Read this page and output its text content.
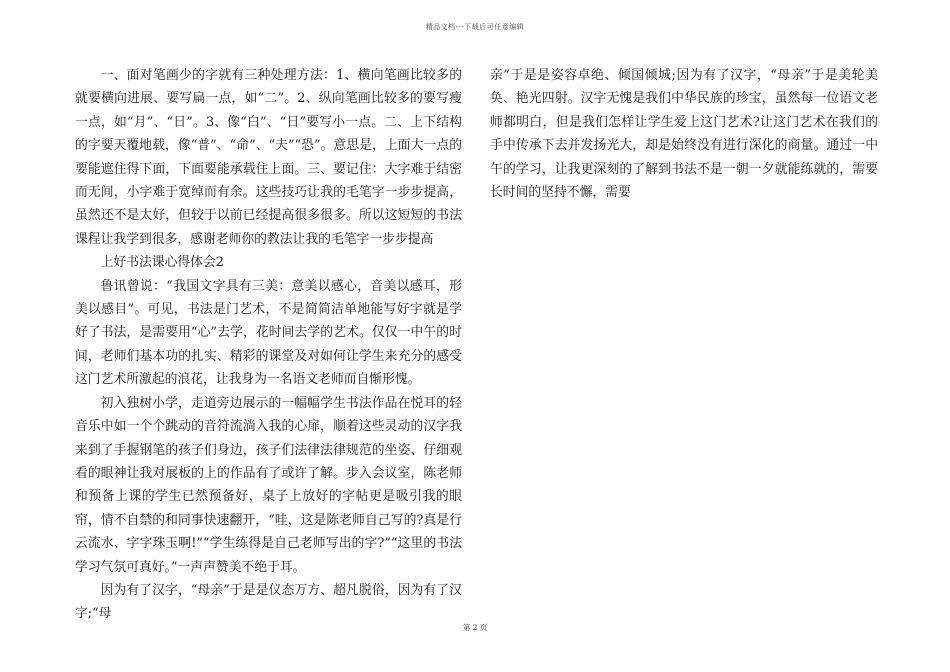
精品文档---下载后可任意编辑

一、面对笔画少的字就有三种处理方法：1、横向笔画比较多的就要横向进展、要写扁一点，如“二”。2、纵向笔画比较多的要写瘦一点，如“月”、“日”。3、像“白”、“日”要写小一点。二、上下结构的字要天覆地载，像“普”、“命”、“夫”“恐”。意思是，上面大一点的要能遮住得下面，下面要能承载住上面。三、要记住：大字难于结密而无间，小字难于宽绰而有余。这些技巧让我的毛笔字一步步提高，虽然还不是太好，但较于以前已经提高很多很多。所以这短短的书法课程让我学到很多，感谢老师你的教法让我的毛笔字一步步提高

上好书法课心得体会2

鲁讯曾说：“我国文字具有三美：意美以感心，音美以感耳，形美以感目”。可见，书法是门艺术，不是简简洁单地能写好字就是学好了书法，是需要用“心”去学，花时间去学的艺术。仅仅一中午的时间，老师们基本功的扎实、精彩的课堂及对如何让学生来充分的感受这门艺术所激起的浪花，让我身为一名语文老师而自惭形愧。

初入独树小学，走道旁边展示的一幅幅学生书法作品在悦耳的轻音乐中如一个个跳动的音符流淌入我的心扉，顺着这些灵动的汉字我来到了手握钢笔的孩子们身边，孩子们法律法律规范的坐姿、仔细观看的眼神让我对展板的上的作品有了或许了解。步入会议室，陈老师和预备上课的学生已然预备好，桌子上放好的字帖更是吸引我的眼帘，情不自禁的和同事快速翻开，“哇，这是陈老师自己写的?真是行云流水、字字珠玉啊!”“学生练得是自己老师写出的字?”“这里的书法学习气氛可真好。”一声声赞美不绝于耳。

因为有了汉字，“母亲”于是是仪态万方、超凡脱俗，因为有了汉字;“母

亲”于是是姿容卓绝、倾国倾城;因为有了汉字，“母亲”于是美轮美奂、艳光四射。汉字无愧是我们中华民族的珍宝，虽然每一位语文老师都明白，但是我们怎样让学生爱上这门艺术?让这门艺术在我们的手中传承下去并发扬光大，却是始终没有进行深化的商量。通过一中午的学习，让我更深刻的了解到书法不是一朝一夕就能练就的，需要长时间的坚持不懈，需要

第 2 页
